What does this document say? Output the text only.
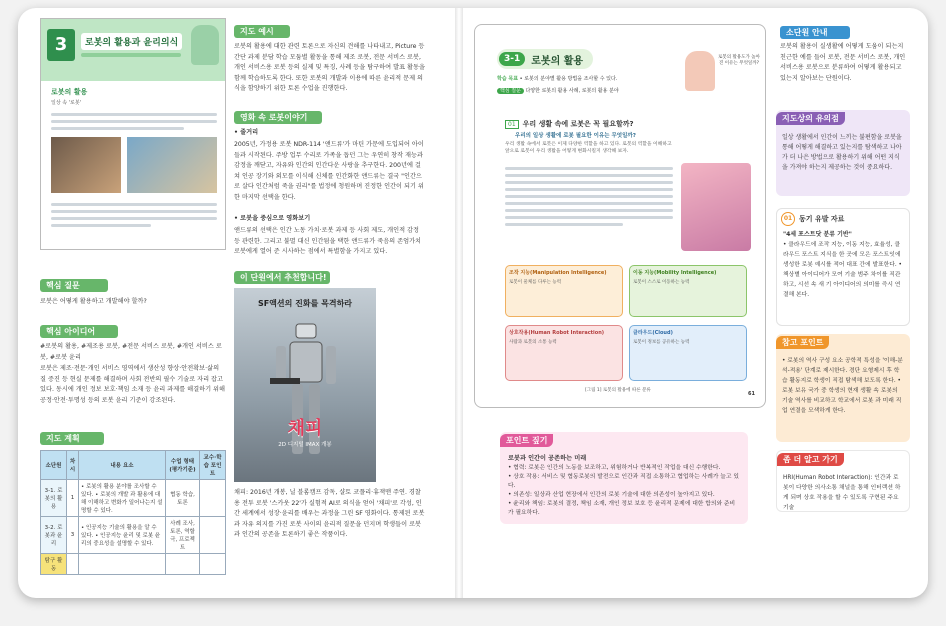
3	로봇의 활용과 윤리의식
로봇의 활용
일상 속 '로봇'
핵심 질문
로봇은 어떻게 활용하고 개발해야 할까?
핵심 아이디어
#로봇의 활용, #제조용 로봇, #전문 서비스 로봇, #개인 서비스 로봇, #로봇 윤리
로봇은 제조·전문·개인 서비스 영역에서 생산성 향상·안전확보·삶의 질 증진 등 현실 문제를 해결하며 사회 전반의 필수 기술로 자리 잡고 있다. 동시에 개인 정보 보호·책임 소재 등 윤리 과제를 해결하기 위해 공정·안전·투명성 등의 로봇 윤리 기준이 강조된다.
지도 계획
소단원	차시	내용 요소	수업 형태 (평가기준)	교수·학습 포인트
3-1. 로봇의 활용	1	• 로봇의 활용 분야를 조사할 수 있다. • 로봇의 개발 과 활용에 대해 이해하고 변화가 일어나는지 설명할 수 있다.	협동 학습, 토론	
3-2. 로봇과 윤리	3	• 인공지능 기술의 활용을 알 수 있다. • 인공지능 윤리 및 로봇 윤리의 중요성을 설명할 수 있다.	사례 조사, 토론, 역할극, 프로젝트	
탐구 활동				
지도 예시
로봇의 활용에 대한 관련 토론으로 자신의 견해를 나타내고, Picture 등 간단 과제 분담 학습 모둠별 활동을 통해 제조 로봇, 전문 서비스 로봇, 개인 서비스용 로봇 등의 실제 및 특징, 사례 등을 탐구하여 발표 활동을 함께 학습하도록 한다. 또한 로봇의 개발과 이용에 따른 윤리적 문제 의식을 함양하기 위한 토론 수업을 진행한다.
영화 속 로봇이야기
• 줄거리
2005년, 가정용 로봇 NDR-114 '앤드류'가 마틴 가문에 도입되어 아이들과 시작된다. 주방 업무 수리로 가족을 돕던 그는 우연히 창작 재능과 감정을 깨닫고, 자유와 인간의 인간다운 사랑을 추구한다. 200년에 걸쳐 인공 장기와 외모를 이식해 신체를 인간화한 앤드류는 결국 "인간으로 살다 인간처럼 죽을 권리"를 법정에 청원하며 진정한 인간이 되기 위한 마지막 선택을 한다.
• 로봇을 중심으로 영화보기
앤드류의 선택은 인간 노동 가치·로봇 과제 등 사회 제도, 개인적 감정 등 관련한. 그리고 불멸 대신 인간됨을 택한 앤드류가 죽음의 존엄가치 로봇에게 열어 준 시사하는 점에서 특별함을 가지고 있다.
이 단원에서 추천합니다!
SF액션의 진화를 목격하라
채피
2D 디지털 IMAX 개봉
채피: 2016년 개봉, 닐 블롬캠프 감독, 샬토 코플리·휴잭맨 주연. 경찰용 전투 로봇 '스카웃 22'가 실험적 AI로 의식을 얻어 '채피'로 각성, 인간 세계에서 성장·윤리를 배우는 과정을 그린 SF 영화이다. 통제된 로봇과 자유 의지를 가진 로봇 사이의 윤리적 질문을 던지며 학생들이 로봇과 인간의 공존을 토론하기 좋은 작품이다.
3-1	로봇의 활용
학습 목표 • 로봇의 분야별 활용 방법을 조사할 수 있다.
핵심 질문 다양한 로봇의 활용 사례, 로봇의 활용 분야
로봇의 활용도가 높아진 이유는 무엇일까?
01	우리 생활 속에 로봇은 꼭 필요할까?
우리의 일상 생활에 로봇 필요한 이유는 무엇일까?
우리 생활 속에서 로봇은 이제 다양한 역할을 하고 있다. 로봇의 역할을 이해하고 앞으로 로봇이 우리 생활을 어떻게 변화시킬지 생각해 보자.
조작 지능(Manipulation Intelligence)
로봇이 물체를 다루는 능력
이동 지능(Mobility Intelligence)
로봇이 스스로 이동하는 능력
상호작용(Human Robot Interaction)
사람과 로봇의 소통 능력
클라우드(Cloud)
로봇이 정보를 공유하는 능력
[그림 1] 로봇의 활용에 따른 분류
61
포인트 짚기
로봇과 인간이 공존하는 미래
• 협력: 로봇은 인간의 노동을 보조하고, 위험하거나 반복적인 작업을 대신 수행한다.
• 상호 작용: 서비스 및 협동로봇의 발전으로 인간과 직접 소통하고 협업하는 사례가 늘고 있다.
• 의존성: 일상과 산업 현장에서 인간의 로봇 기술에 대한 의존성이 높아지고 있다.
• 윤리와 책임: 로봇의 결정, 책임 소재, 개인 정보 보호 등 윤리적 문제에 대한 합의와 준비가 필요하다.
소단원 안내
로봇의 활용이 실생활에 어떻게 도움이 되는지 친근한 예를 들어 로봇, 전문 서비스 로봇, 개인 서비스용 로봇으로 분류하여 어떻게 활용되고 있는지 알아보는 단원이다.
지도상의 유의점
일상 생활에서 인간이 느끼는 불편함을 로봇을 통해 어떻게 해결하고 있는지를 탐색하고 나아가 더 나은 방법으로 활용하기 위해 어떤 지식을 가져야 하는지 제공하는 것이 중요하다.
01 동기 유발 자료
"4세 포스트닷 분류 기반"
• 클라우드에 조작 지능, 이동 지능, 효율성, 클라우드 포스트 지식을 한 곳에 모은 포스트잇에 생성한 로봇 예시를 적어 대표 간에 발표한다. • 책상별 아이디어가 모여 기술 범주 차이를 직관하고, 시선 속 새 기 아이디어의 의미를 즉시 연결해 본다.
참고 포인트
• 로봇의 역사 구성 요소 공학적 특성을 '이해-분석-적용' 단계로 제시한다. 경단 요형제시 후 학습 활동지로 학생이 직접 탐색해 보도록 한다. • 로봇 보유 국가 중 학생의 현재 생활 속 로봇의 기술 역사를 비교하고 학교에서 로봇 과 미래 직업 연결을 모색하게 한다.
좀 더 알고 가기
HRI(Human Robot Interaction): 인간과 로봇이 다양한 의사소통 채널을 통해 인터랙션 하게 되며 상호 작용을 할 수 있도록 구현된 주요 기술
